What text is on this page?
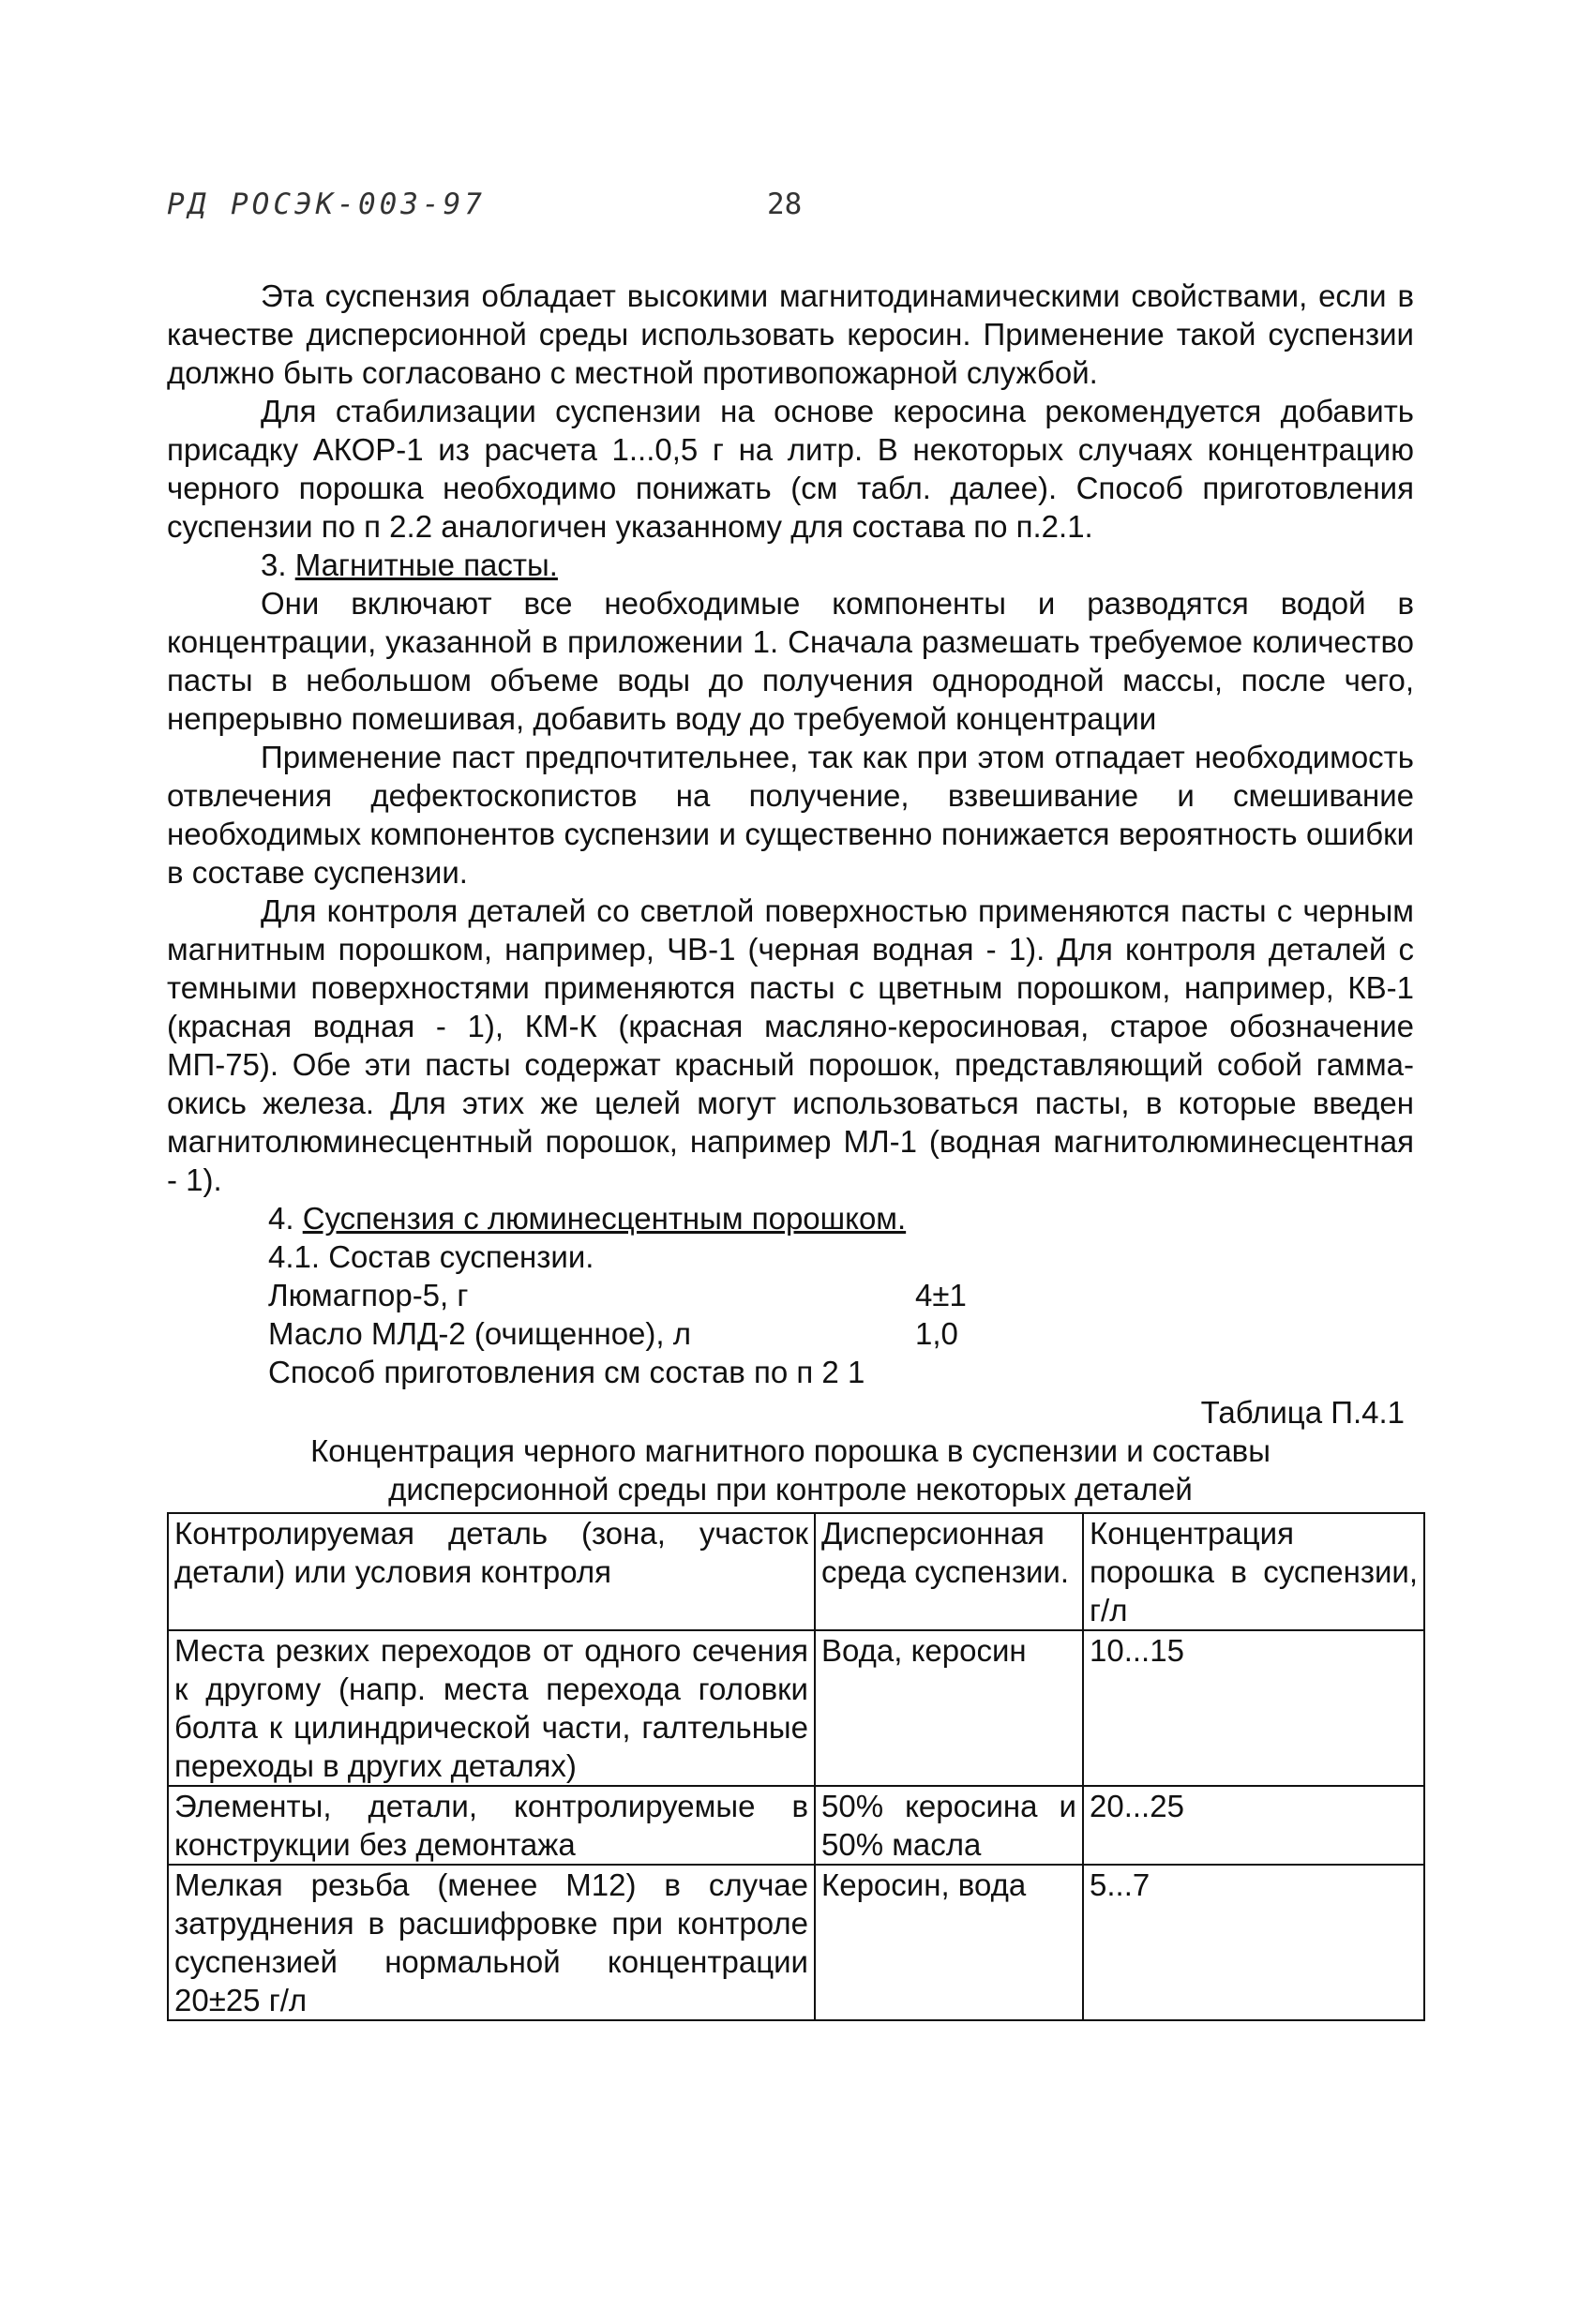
РД РОСЭК-003-97	28

Эта суспензия обладает высокими магнитодинамическими свойствами, если в качестве дисперсионной среды использовать керосин. Применение такой суспензии должно быть согласовано с местной противопожарной службой.

Для стабилизации суспензии на основе керосина рекомендуется добавить присадку АКОР-1 из расчета 1...0,5 г на литр. В некоторых случаях концентрацию черного порошка необходимо понижать (см табл. далее). Способ приготовления суспензии по п 2.2 аналогичен указанному для состава по п.2.1.

3. Магнитные пасты.

Они включают все необходимые компоненты и разводятся водой в концентрации, указанной в приложении 1. Сначала размешать требуемое количество пасты в небольшом объеме воды до получения однородной массы, после чего, непрерывно помешивая, добавить воду до требуемой концентрации

Применение паст предпочтительнее, так как при этом отпадает необходимость отвлечения дефектоскопистов на получение, взвешивание и смешивание необходимых компонентов суспензии и существенно понижается вероятность ошибки в составе суспензии.

Для контроля деталей со светлой поверхностью применяются пасты с черным магнитным порошком, например, ЧВ-1 (черная водная - 1). Для контроля деталей с темными поверхностями применяются пасты с цветным порошком, например, КВ-1 (красная водная - 1), КМ-К (красная масляно-керосиновая, старое обозначение МП-75). Обе эти пасты содержат красный порошок, представляющий собой гамма-окись железа. Для этих же целей могут использоваться пасты, в которые введен магнитолюминесцентный порошок, например МЛ-1 (водная магнитолюминесцентная - 1).

4. Суспензия с люминесцентным порошком.

4.1. Состав суспензии.

Люмагпор-5, г	4±1
Масло МЛД-2 (очищенное), л	1,0

Способ приготовления см состав по п 2 1

Таблица П.4.1

Концентрация черного магнитного порошка в суспензии и составы дисперсионной среды при контроле некоторых деталей

Контролируемая деталь (зона, участок детали) или условия контроля	Дисперсионная среда суспензии.	Концентрация порошка в суспензии, г/л
Места резких переходов от одного сечения к другому (напр. места перехода головки болта к цилиндрической части, галтельные переходы в других деталях)	Вода, керосин	10...15
Элементы, детали, контролируемые в конструкции без демонтажа	50% керосина и 50% масла	20...25
Мелкая резьба (менее М12) в случае затруднения в расшифровке при контроле суспензией нормальной концентрации 20±25 г/л	Керосин, вода	5...7
